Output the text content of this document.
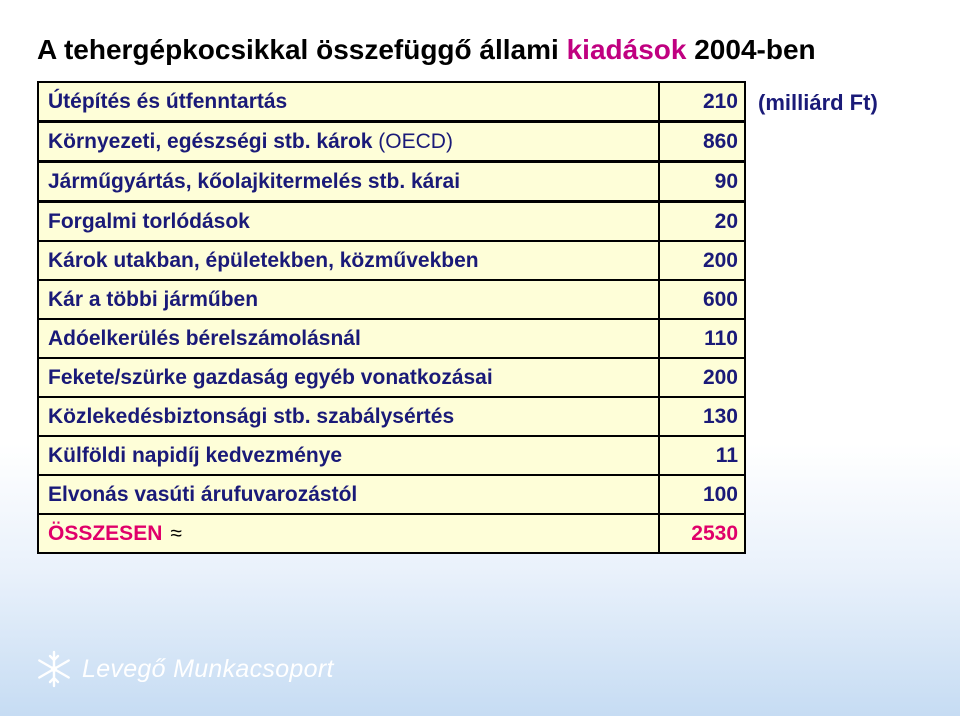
A tehergépkocsikkal összefüggő állami kiadások 2004-ben
(milliárd Ft)
Útépítés és útfenntartás	210
Környezeti, egészségi stb. károk (OECD)	860
Járműgyártás, kőolajkitermelés stb. kárai	90
Forgalmi torlódások	20
Károk utakban, épületekben, közművekben	200
Kár a többi járműben	600
Adóelkerülés bérelszámolásnál	110
Fekete/szürke gazdaság egyéb vonatkozásai	200
Közlekedésbiztonsági stb. szabálysértés	130
Külföldi napidíj kedvezménye	11
Elvonás vasúti árufuvarozástól	100
ÖSSZESEN ≈	2530
Levegő Munkacsoport
